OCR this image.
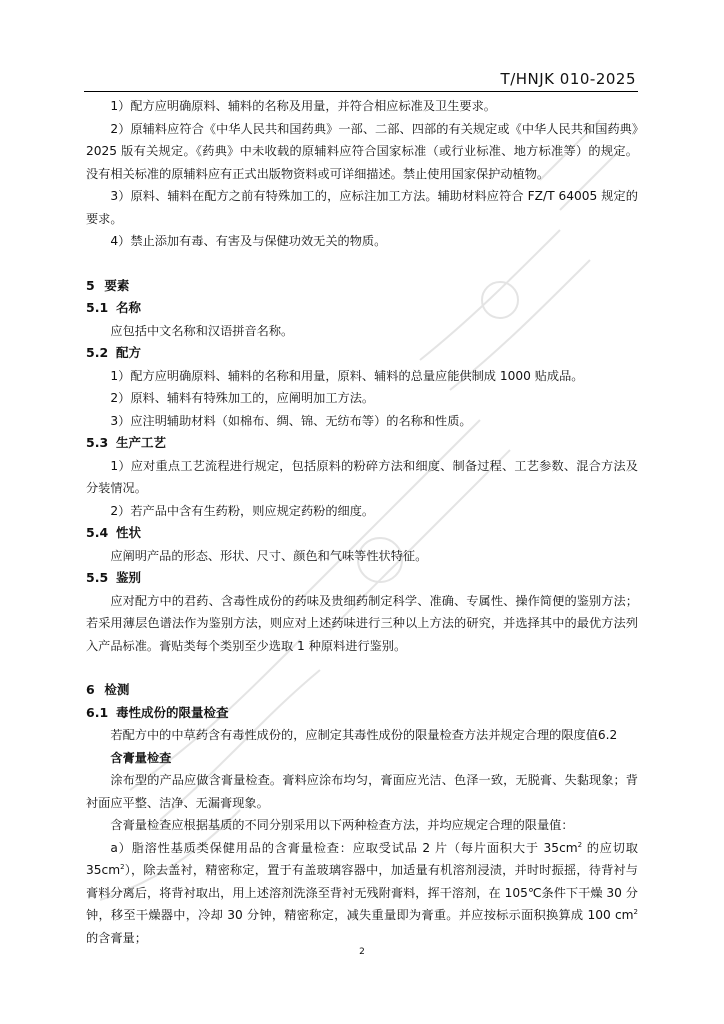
T/HNJK 010-2025

1）配方应明确原料、辅料的名称及用量，并符合相应标准及卫生要求。

2）原辅料应符合《中华人民共和国药典》一部、二部、四部的有关规定或《中华人民共和国药典》2025 版有关规定。《药典》中未收载的原辅料应符合国家标准（或行业标准、地方标准等）的规定。没有相关标准的原辅料应有正式出版物资料或可详细描述。禁止使用国家保护动植物。

3）原料、辅料在配方之前有特殊加工的，应标注加工方法。辅助材料应符合 FZ/T 64005 规定的要求。

4）禁止添加有毒、有害及与保健功效无关的物质。

5 要素

5.1 名称

应包括中文名称和汉语拼音名称。

5.2 配方

1）配方应明确原料、辅料的名称和用量，原料、辅料的总量应能供制成 1000 贴成品。

2）原料、辅料有特殊加工的，应阐明加工方法。

3）应注明辅助材料（如棉布、绸、锦、无纺布等）的名称和性质。

5.3 生产工艺

1）应对重点工艺流程进行规定，包括原料的粉碎方法和细度、制备过程、工艺参数、混合方法及分装情况。

2）若产品中含有生药粉，则应规定药粉的细度。

5.4 性状

应阐明产品的形态、形状、尺寸、颜色和气味等性状特征。

5.5 鉴别

应对配方中的君药、含毒性成份的药味及贵细药制定科学、准确、专属性、操作简便的鉴别方法；若采用薄层色谱法作为鉴别方法，则应对上述药味进行三种以上方法的研究，并选择其中的最优方法列入产品标准。膏贴类每个类别至少选取 1 种原料进行鉴别。

6 检测

6.1 毒性成份的限量检查

若配方中的中草药含有毒性成份的，应制定其毒性成份的限量检查方法并规定合理的限度值6.2
含膏量检查

涂布型的产品应做含膏量检查。膏料应涂布均匀，膏面应光洁、色泽一致，无脱膏、失黏现象；背衬面应平整、洁净、无漏膏现象。

含膏量检查应根据基质的不同分别采用以下两种检查方法，并均应规定合理的限量值：

a）脂溶性基质类保健用品的含膏量检查：应取受试品 2 片（每片面积大于 $35cm^2$ 的应切取 $35cm^2$），除去盖衬，精密称定，置于有盖玻璃容器中，加适量有机溶剂浸渍，并时时振摇，待背衬与膏料分离后，将背衬取出，用上述溶剂洗涤至背衬无残附膏料，挥干溶剂，在 105℃条件下干燥 30 分钟，移至干燥器中，冷却 30 分钟，精密称定，减失重量即为膏重。并应按标示面积换算成 100 $cm^2$ 的含膏量；

2
